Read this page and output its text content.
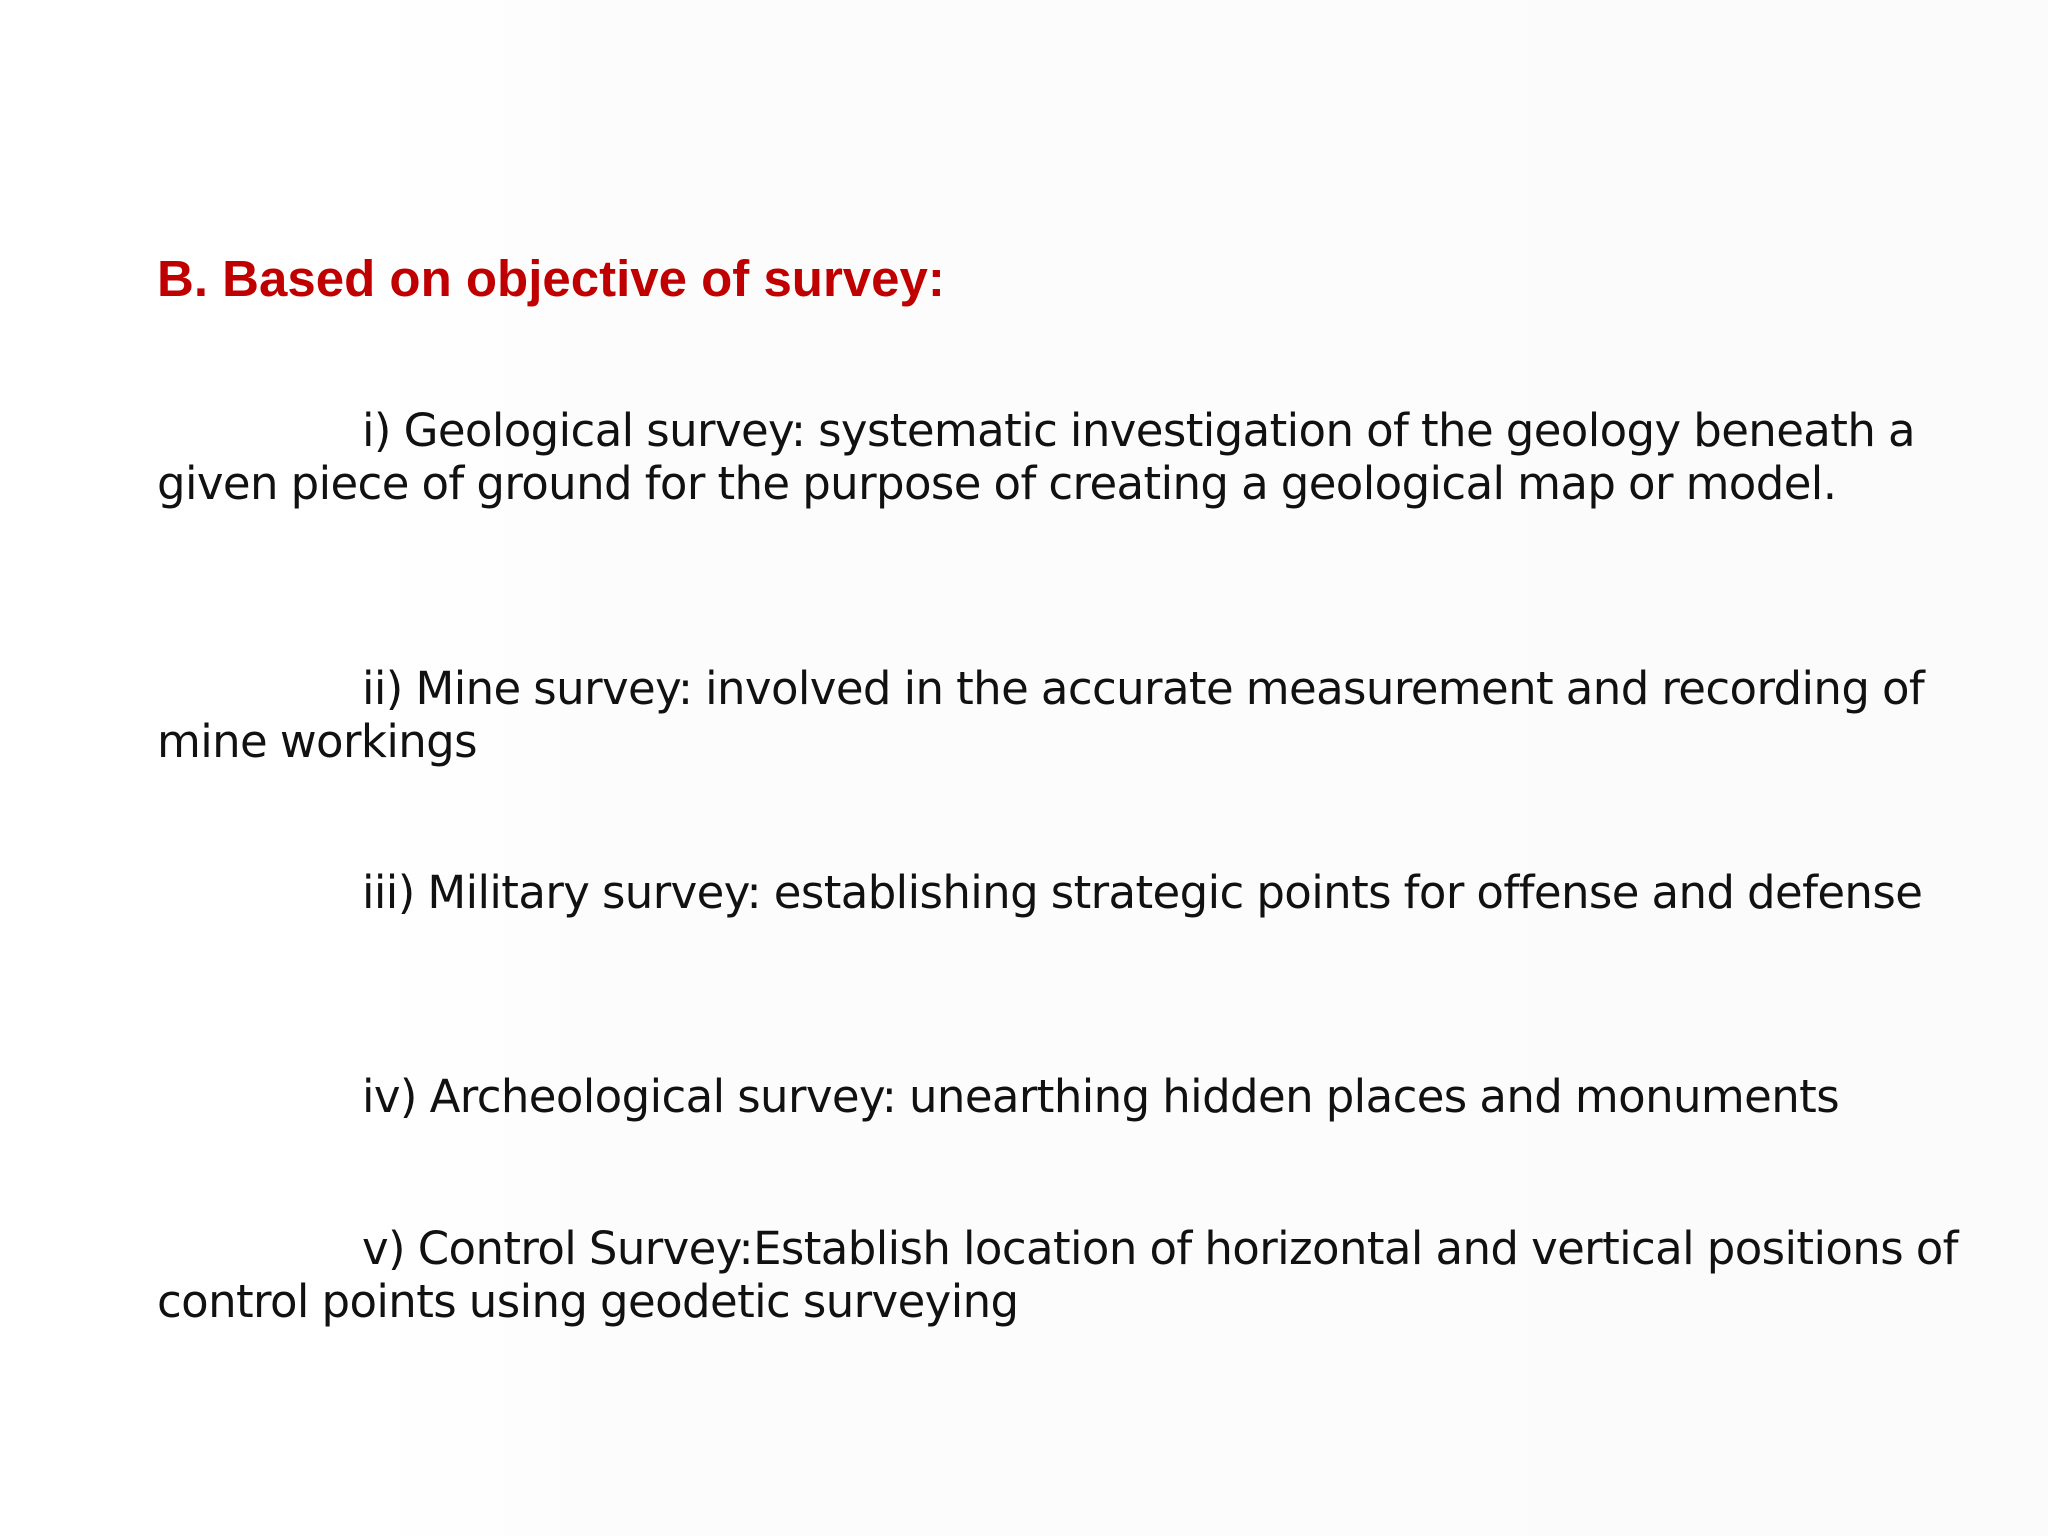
B. Based on objective of survey:

i) Geological survey: systematic investigation of the geology beneath a given piece of ground for the purpose of creating a geological map or model.

ii) Mine survey: involved in the accurate measurement and recording of mine workings

iii) Military survey: establishing strategic points for offense and defense

iv) Archeological survey: unearthing hidden places and monuments

v) Control Survey:Establish location of horizontal and vertical positions of control points using geodetic surveying
